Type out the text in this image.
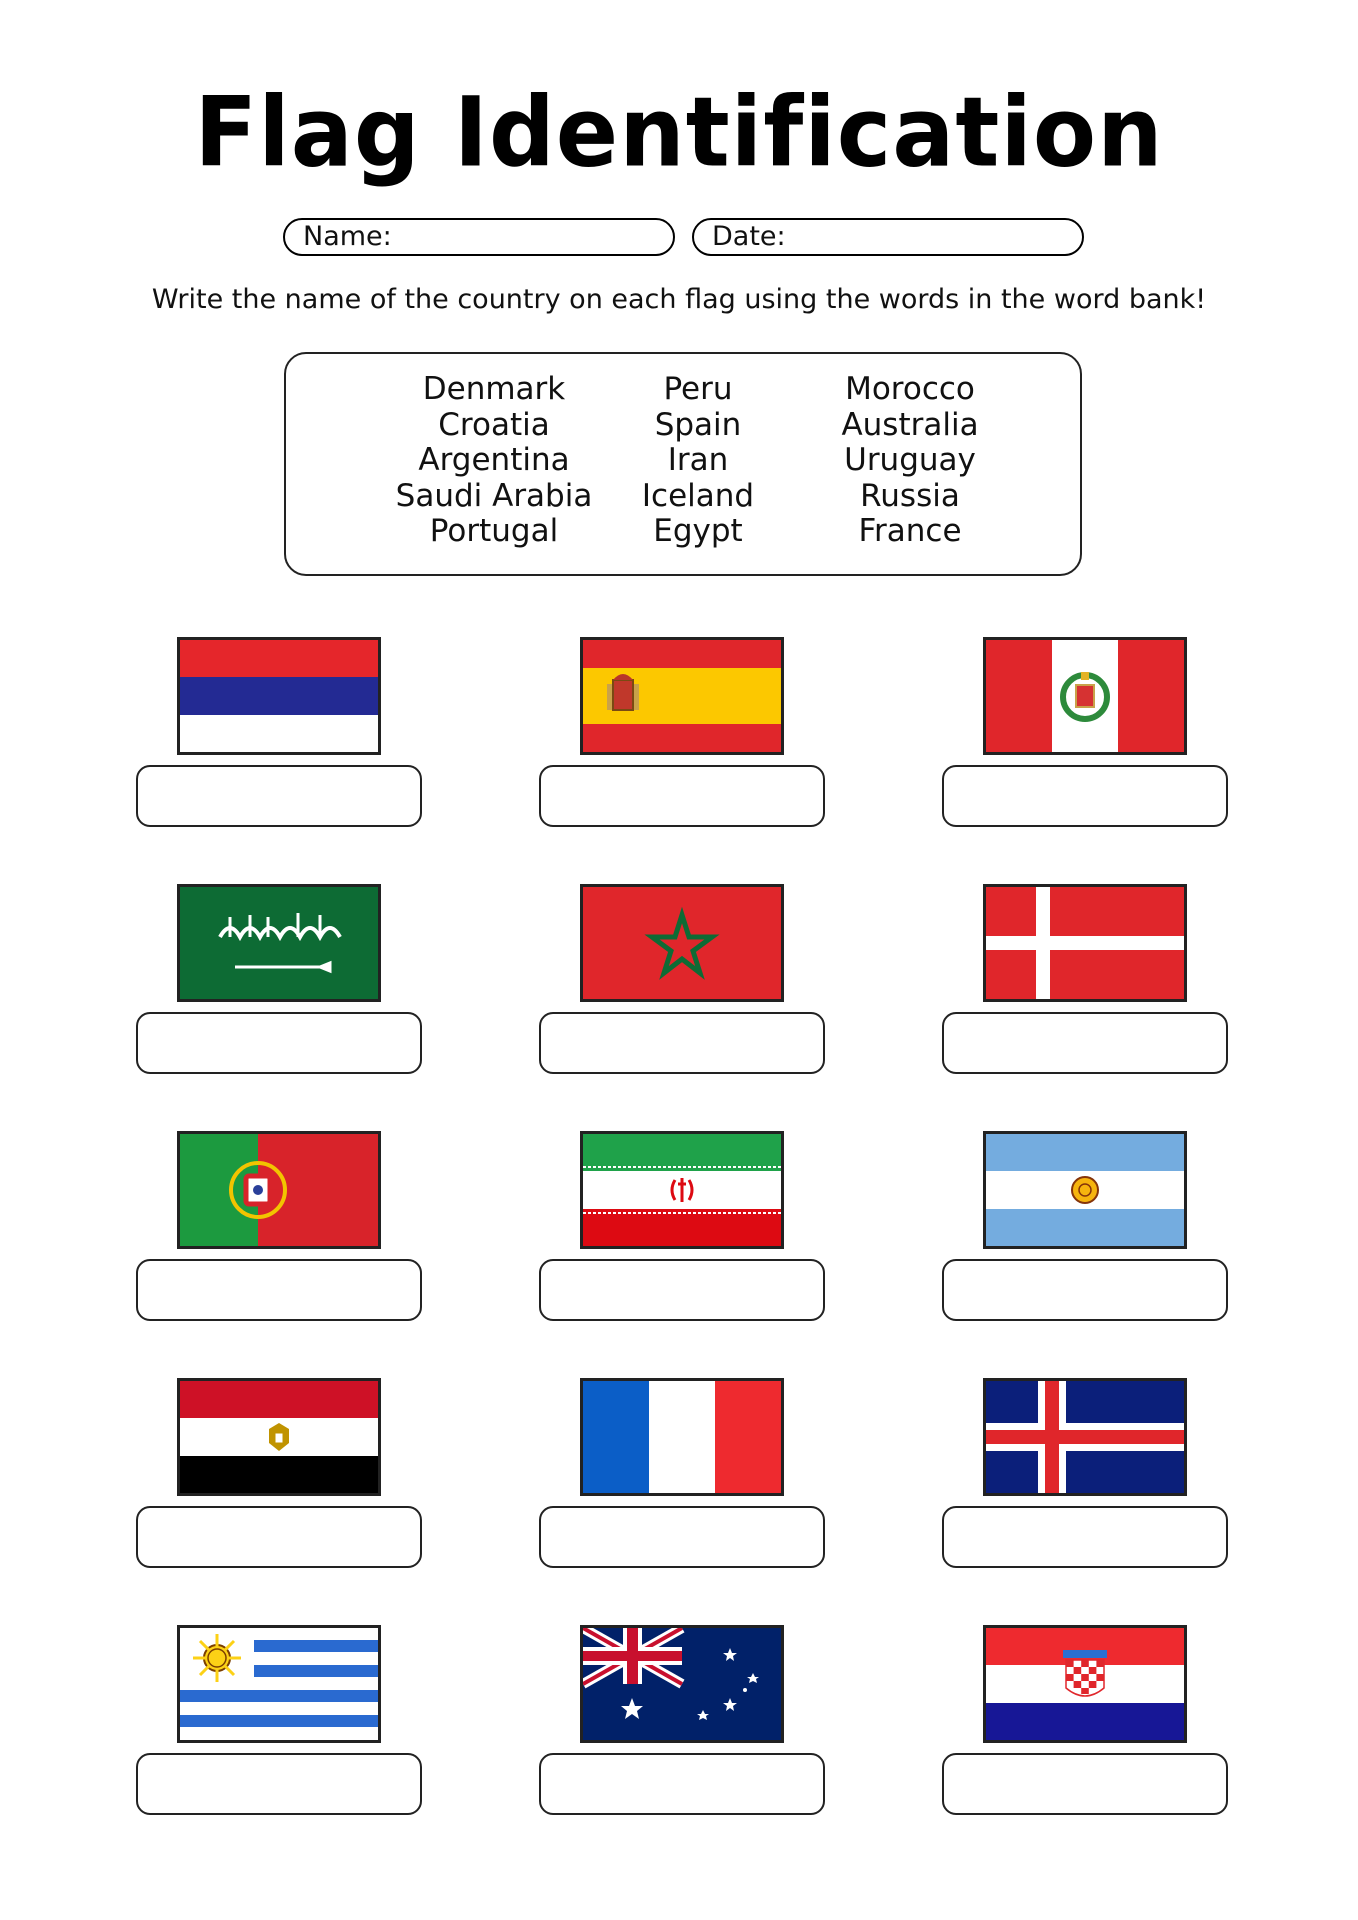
Flag Identification
Name:	Date:
Write the name of the country on each flag using the words in the word bank!
Denmark
Croatia
Argentina
Saudi Arabia
Portugal
Peru
Spain
Iran
Iceland
Egypt
Morocco
Australia
Uruguay
Russia
France
